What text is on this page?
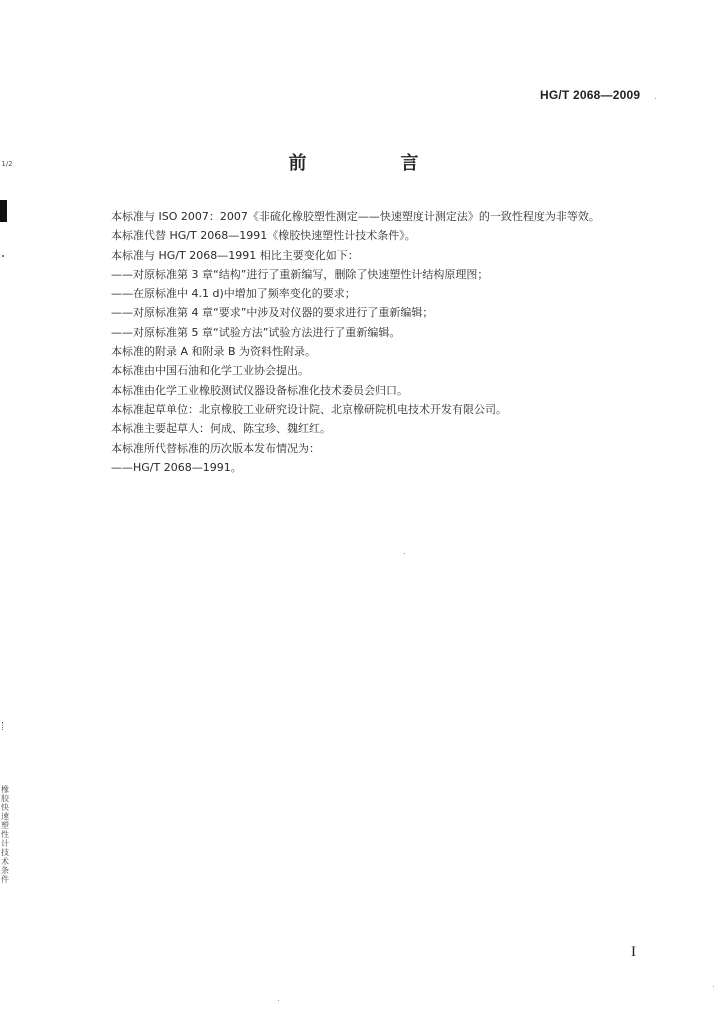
HG/T 2068—2009
前　言
本标准与 ISO 2007：2007《非硫化橡胶塑性测定——快速塑度计测定法》的一致性程度为非等效。
本标准代替 HG/T 2068—1991《橡胶快速塑性计技术条件》。
本标准与 HG/T 2068—1991 相比主要变化如下：
——对原标准第 3 章“结构”进行了重新编写，删除了快速塑性计结构原理图；
——在原标准中 4.1 d)中增加了频率变化的要求；
——对原标准第 4 章“要求”中涉及对仪器的要求进行了重新编辑；
——对原标准第 5 章“试验方法”试验方法进行了重新编辑。
本标准的附录 A 和附录 B 为资料性附录。
本标准由中国石油和化学工业协会提出。
本标准由化学工业橡胶测试仪器设备标准化技术委员会归口。
本标准起草单位：北京橡胶工业研究设计院、北京橡研院机电技术开发有限公司。
本标准主要起草人：何成、陈宝珍、魏红红。
本标准所代替标准的历次版本发布情况为：
——HG/T 2068—1991。
1/2
橡胶快速塑性计技术条件
I
